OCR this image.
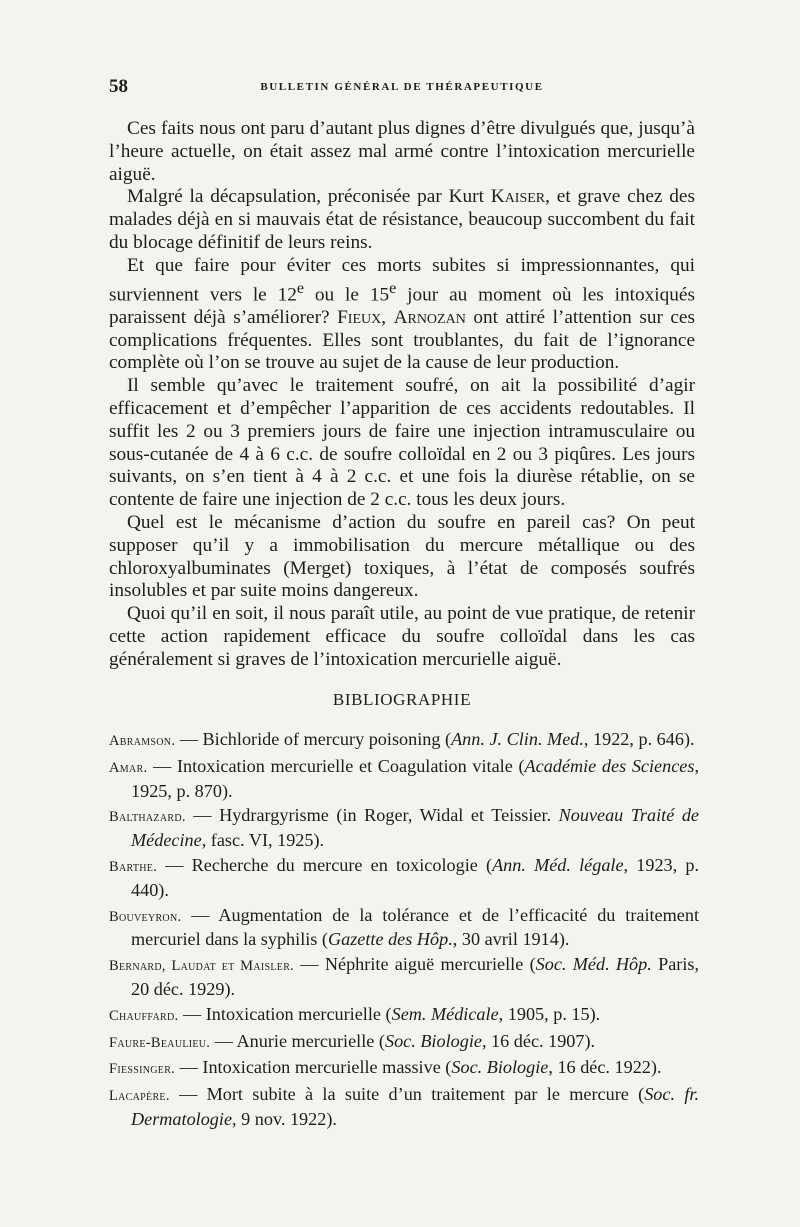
58	BULLETIN GÉNÉRAL DE THÉRAPEUTIQUE

Ces faits nous ont paru d’autant plus dignes d’être divulgués que, jusqu’à l’heure actuelle, on était assez mal armé contre l’intoxication mercurielle aiguë.

Malgré la décapsulation, préconisée par Kurt Kaiser, et grave chez des malades déjà en si mauvais état de résistance, beaucoup succombent du fait du blocage définitif de leurs reins.

Et que faire pour éviter ces morts subites si impressionnantes, qui surviennent vers le 12e ou le 15e jour au moment où les intoxiqués paraissent déjà s’améliorer? Fieux, Arnozan ont attiré l’attention sur ces complications fréquentes. Elles sont troublantes, du fait de l’ignorance complète où l’on se trouve au sujet de la cause de leur production.

Il semble qu’avec le traitement soufré, on ait la possibilité d’agir efficacement et d’empêcher l’apparition de ces accidents redoutables. Il suffit les 2 ou 3 premiers jours de faire une injection intramusculaire ou sous-cutanée de 4 à 6 c.c. de soufre colloïdal en 2 ou 3 piqûres. Les jours suivants, on s’en tient à 4 à 2 c.c. et une fois la diurèse rétablie, on se contente de faire une injection de 2 c.c. tous les deux jours.

Quel est le mécanisme d’action du soufre en pareil cas? On peut supposer qu’il y a immobilisation du mercure métallique ou des chloroxyalbuminates (Merget) toxiques, à l’état de composés soufrés insolubles et par suite moins dangereux.

Quoi qu’il en soit, il nous paraît utile, au point de vue pratique, de retenir cette action rapidement efficace du soufre colloïdal dans les cas généralement si graves de l’intoxication mercurielle aiguë.

BIBLIOGRAPHIE

Abramson. — Bichloride of mercury poisoning (Ann. J. Clin. Med., 1922, p. 646).

Amar. — Intoxication mercurielle et Coagulation vitale (Académie des Sciences, 1925, p. 870).

Balthazard. — Hydrargyrisme (in Roger, Widal et Teissier. Nouveau Traité de Médecine, fasc. VI, 1925).

Barthe. — Recherche du mercure en toxicologie (Ann. Méd. légale, 1923, p. 440).

Bouveyron. — Augmentation de la tolérance et de l’efficacité du traitement mercuriel dans la syphilis (Gazette des Hôp., 30 avril 1914).

Bernard, Laudat et Maisler. — Néphrite aiguë mercurielle (Soc. Méd. Hôp. Paris, 20 déc. 1929).

Chauffard. — Intoxication mercurielle (Sem. Médicale, 1905, p. 15).

Faure-Beaulieu. — Anurie mercurielle (Soc. Biologie, 16 déc. 1907).

Fiessinger. — Intoxication mercurielle massive (Soc. Biologie, 16 déc. 1922).

Lacapère. — Mort subite à la suite d’un traitement par le mercure (Soc. fr. Dermatologie, 9 nov. 1922).
